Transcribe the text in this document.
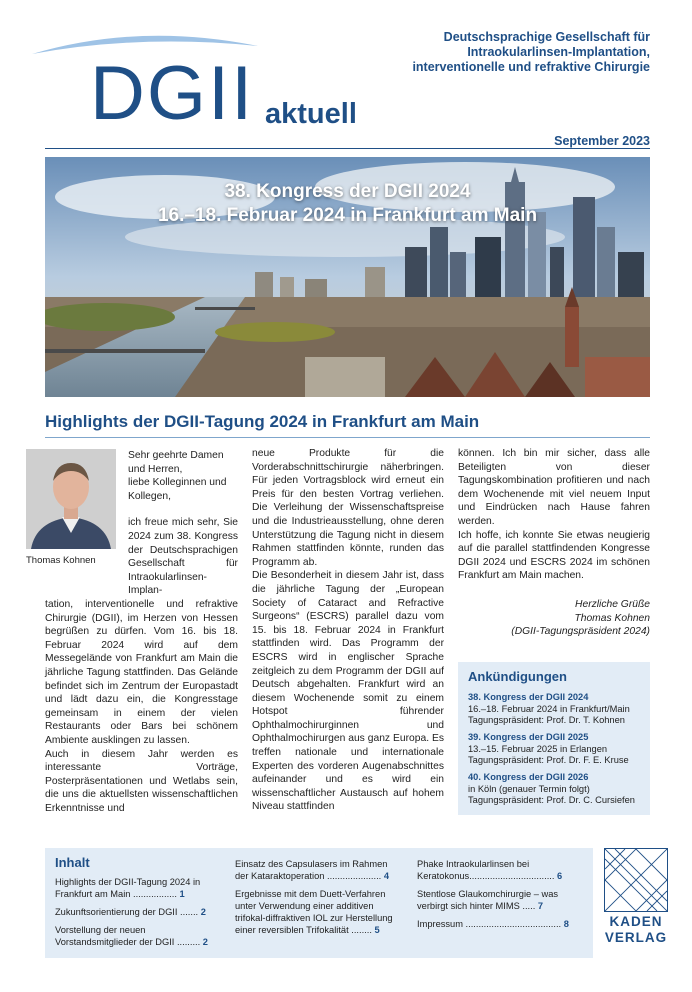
DGII aktuell
Deutschsprachige Gesellschaft für
Intraokularlinsen-Implantation,
interventionelle und refraktive Chirurgie
September 2023
38. Kongress der DGII 2024
16.–18. Februar 2024 in Frankfurt am Main
Highlights der DGII-Tagung 2024 in Frankfurt am Main
Thomas Kohnen

Sehr geehrte Damen und Herren,

liebe Kolleginnen und Kollegen,

ich freue mich sehr, Sie 2024 zum 38. Kongress der Deutschsprachigen Gesellschaft für Intraokularlinsen-Implan-

tation, interventionelle und refraktive Chirurgie (DGII), im Herzen von Hessen begrüßen zu dürfen. Vom 16. bis 18. Februar 2024 wird auf dem Messegelände von Frankfurt am Main die jährliche Tagung stattfinden. Das Gelände befindet sich im Zentrum der Europastadt und lädt dazu ein, die Kongresstage gemeinsam in einem der vielen Restaurants oder Bars bei schönem Ambiente ausklingen zu lassen.

Auch in diesem Jahr werden es interessante Vorträge, Posterpräsentationen und Wetlabs sein, die uns die aktuellsten wissenschaftlichen Erkenntnisse und

neue Produkte für die Vorderabschnittschirurgie näherbringen. Für jeden Vortragsblock wird erneut ein Preis für den besten Vortrag verliehen. Die Verleihung der Wissenschaftspreise und die Industrieausstellung, ohne deren Unterstützung die Tagung nicht in diesem Rahmen stattfinden könnte, runden das Programm ab.

Die Besonderheit in diesem Jahr ist, dass die jährliche Tagung der „European Society of Cataract and Refractive Surgeons“ (ESCRS) parallel dazu vom 15. bis 18. Februar 2024 in Frankfurt stattfinden wird. Das Programm der ESCRS wird in englischer Sprache zeitgleich zu dem Programm der DGII auf Deutsch abgehalten. Frankfurt wird an diesem Wochenende somit zu einem Hotspot führender Ophthalmochirurginnen und Ophthalmochirurgen aus ganz Europa. Es treffen nationale und internationale Experten des vorderen Augenabschnittes aufeinander und es wird ein wissenschaftlicher Austausch auf hohem Niveau stattfinden

können. Ich bin mir sicher, dass alle Beteiligten von dieser Tagungskombination profitieren und nach dem Wochenende mit viel neuem Input und Eindrücken nach Hause fahren werden.

Ich hoffe, ich konnte Sie etwas neugierig auf die parallel stattfindenden Kongresse DGII 2024 und ESCRS 2024 im schönen Frankfurt am Main machen.

Herzliche Grüße
Thomas Kohnen
(DGII-Tagungspräsident 2024)
Ankündigungen
38. Kongress der DGII 2024
16.–18. Februar 2024 in Frankfurt/Main
Tagungspräsident: Prof. Dr. T. Kohnen
39. Kongress der DGII 2025
13.–15. Februar 2025 in Erlangen
Tagungspräsident: Prof. Dr. F. E. Kruse
40. Kongress der DGII 2026
in Köln (genauer Termin folgt)
Tagungspräsident: Prof. Dr. C. Cursiefen
Inhalt
Highlights der DGII-Tagung 2024 in Frankfurt am Main ................. 1
Zukunftsorientierung der DGII ....... 2
Vorstellung der neuen Vorstandsmitglieder der DGII ......... 2
Einsatz des Capsulasers im Rahmen der Kataraktoperation ..................... 4
Ergebnisse mit dem Duett-Verfahren unter Verwendung einer additiven trifokal-diffraktiven IOL zur Herstellung einer reversiblen Trifokalität ........ 5
Phake Intraokularlinsen bei Keratokonus................................. 6
Stentlose Glaukomchirurgie – was verbirgt sich hinter MIMS ..... 7
Impressum ..................................... 8	KADEN
VERLAG
